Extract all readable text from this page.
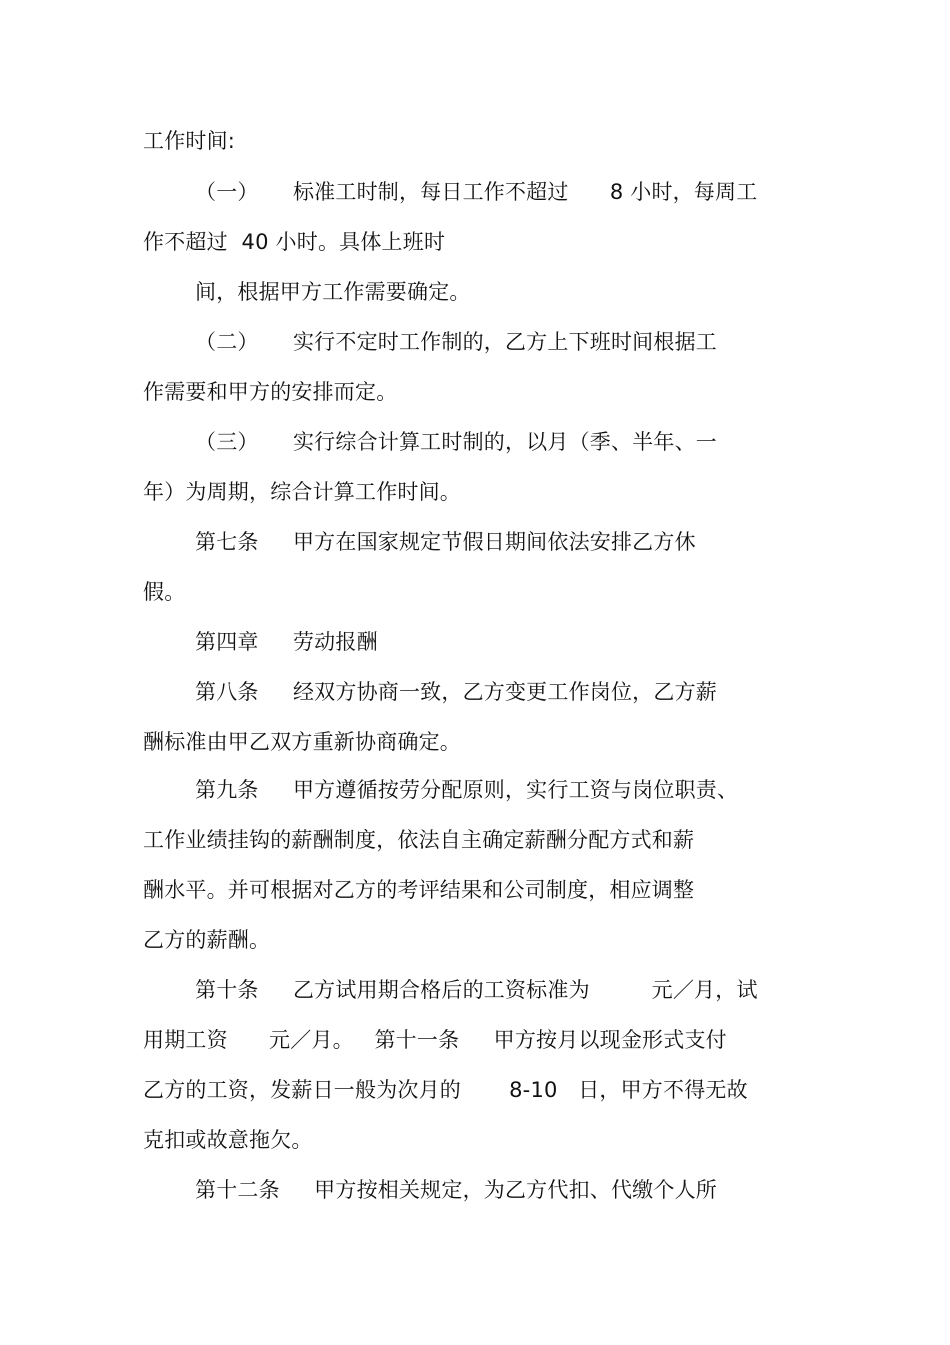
工作时间:
（一）     标准工时制，每日工作不超过      8 小时，每周工
作不超过  40 小时。具体上班时
间，根据甲方工作需要确定。
（二）     实行不定时工作制的，乙方上下班时间根据工
作需要和甲方的安排而定。
（三）     实行综合计算工时制的，以月（季、半年、一
年）为周期，综合计算工作时间。
第七条     甲方在国家规定节假日期间依法安排乙方休
假。
第四章     劳动报酬
第八条     经双方协商一致，乙方变更工作岗位，乙方薪
酬标准由甲乙双方重新协商确定。
第九条     甲方遵循按劳分配原则，实行工资与岗位职责、
工作业绩挂钩的薪酬制度，依法自主确定薪酬分配方式和薪
酬水平。并可根据对乙方的考评结果和公司制度，相应调整
乙方的薪酬。
第十条     乙方试用期合格后的工资标准为         元／月，试
用期工资      元／月。   第十一条     甲方按月以现金形式支付
乙方的工资，发薪日一般为次月的       8-10   日，甲方不得无故
克扣或故意拖欠。
第十二条     甲方按相关规定，为乙方代扣、代缴个人所
